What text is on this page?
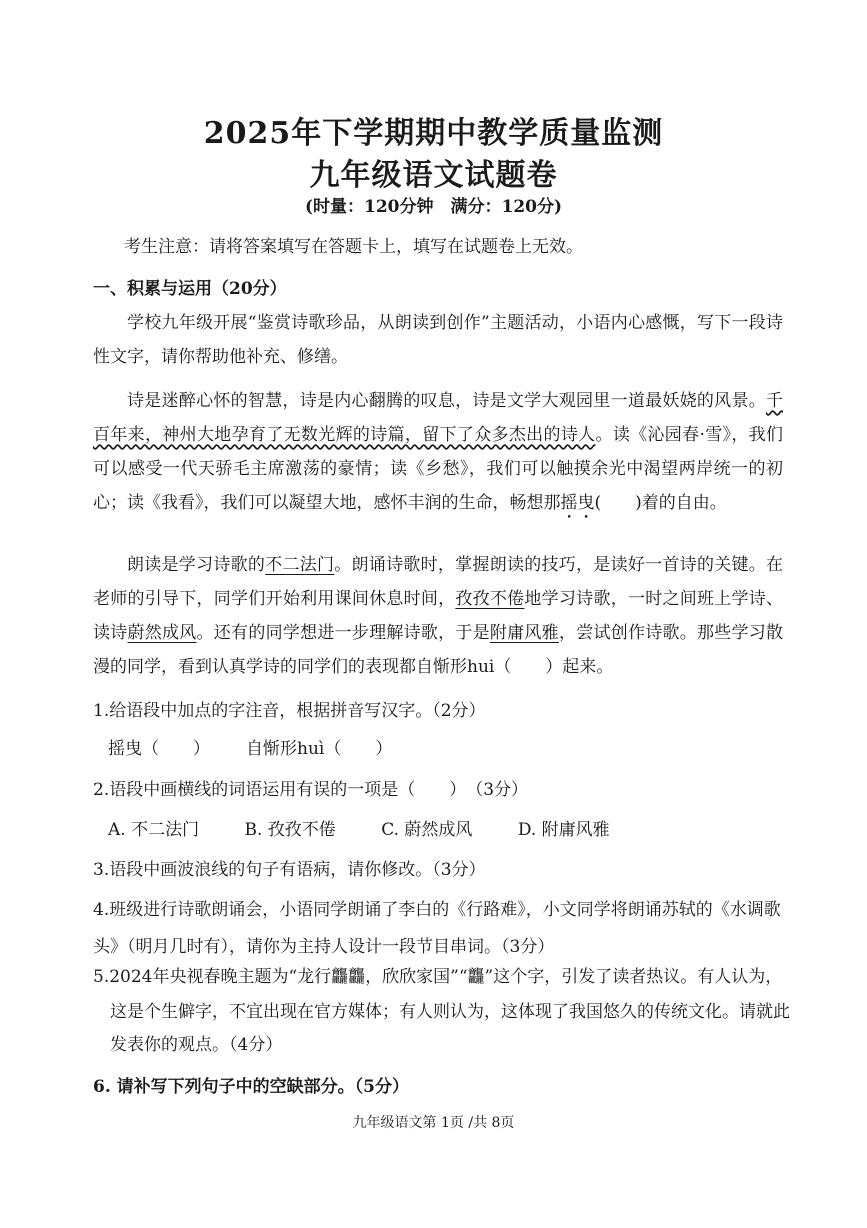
2025年下学期期中教学质量监测
九年级语文试题卷
(时量：120分钟　满分：120分)
考生注意：请将答案填写在答题卡上，填写在试题卷上无效。
一、积累与运用（20分）
学校九年级开展“鉴赏诗歌珍品，从朗读到创作”主题活动，小语内心感慨，写下一段诗性文字，请你帮助他补充、修缮。
诗是迷醉心怀的智慧，诗是内心翻腾的叹息，诗是文学大观园里一道最妖娆的风景。千百年来，神州大地孕育了无数光辉的诗篇，留下了众多杰出的诗人。读《沁园春·雪》，我们可以感受一代天骄毛主席激荡的豪情；读《乡愁》，我们可以触摸余光中渴望两岸统一的初心；读《我看》，我们可以凝望大地，感怀丰润的生命，畅想那摇曳(　　)着的自由。
朗读是学习诗歌的不二法门。朗诵诗歌时，掌握朗读的技巧，是读好一首诗的关键。在老师的引导下，同学们开始利用课间休息时间，孜孜不倦地学习诗歌，一时之间班上学诗、读诗蔚然成风。还有的同学想进一步理解诗歌，于是附庸风雅，尝试创作诗歌。那些学习散漫的同学，看到认真学诗的同学们的表现都自惭形hui（　　）起来。
1.给语段中加点的字注音，根据拼音写汉字。（2分）
摇曳（　　） 自惭形huì（　　）
2.语段中画横线的词语运用有误的一项是（　　）　（3分）
A. 不二法门	B. 孜孜不倦	C. 蔚然成风	D. 附庸风雅
3.语段中画波浪线的句子有语病，请你修改。（3分）
4.班级进行诗歌朗诵会，小语同学朗诵了李白的《行路难》，小文同学将朗诵苏轼的《水调歌
头》（明月几时有），请你为主持人设计一段节目串词。（3分）
5.2024年央视春晚主题为“龙行龘龘，欣欣家国”“龘”这个字，引发了读者热议。有人认为，
这是个生僻字，不宜出现在官方媒体；有人则认为，这体现了我国悠久的传统文化。请就此
发表你的观点。（4分）
6. 请补写下列句子中的空缺部分。（5分）
九年级语文第 1页 /共 8页
